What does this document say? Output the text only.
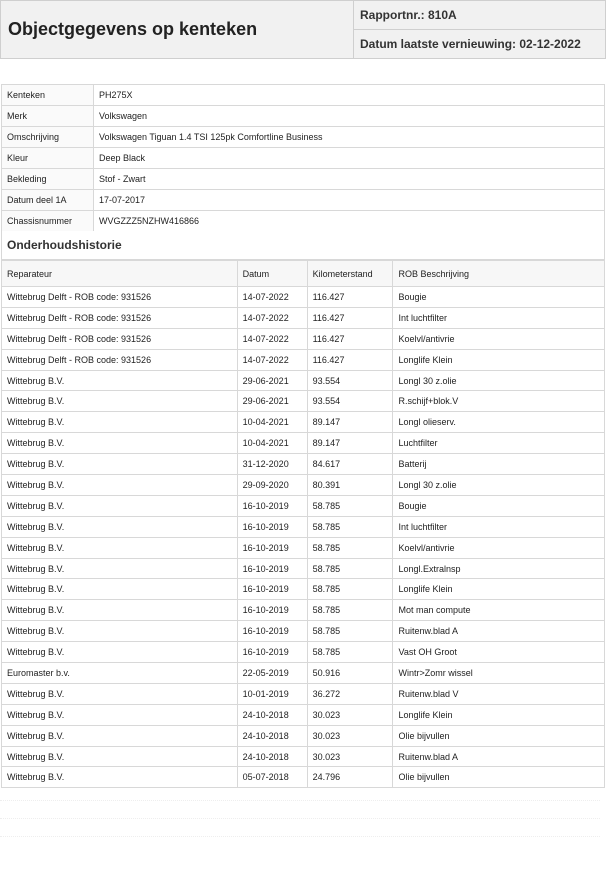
Objectgegevens op kenteken
Rapportnr.: 810A
Datum laatste vernieuwing: 02-12-2022
Kenteken	PH275X
Merk	Volkswagen
Omschrijving	Volkswagen Tiguan 1.4 TSI 125pk Comfortline Business
Kleur	Deep Black
Bekleding	Stof - Zwart
Datum deel 1A	17-07-2017
Chassisnummer	WVGZZZ5NZHW416866
Onderhoudshistorie
Reparateur	Datum	Kilometerstand	ROB Beschrijving
Wittebrug Delft - ROB code: 931526	14-07-2022	116.427	Bougie
Wittebrug Delft - ROB code: 931526	14-07-2022	116.427	Int luchtfilter
Wittebrug Delft - ROB code: 931526	14-07-2022	116.427	Koelvl/antivrie
Wittebrug Delft - ROB code: 931526	14-07-2022	116.427	Longlife Klein
Wittebrug B.V.	29-06-2021	93.554	Longl 30 z.olie
Wittebrug B.V.	29-06-2021	93.554	R.schijf+blok.V
Wittebrug B.V.	10-04-2021	89.147	Longl olieserv.
Wittebrug B.V.	10-04-2021	89.147	Luchtfilter
Wittebrug B.V.	31-12-2020	84.617	Batterij
Wittebrug B.V.	29-09-2020	80.391	Longl 30 z.olie
Wittebrug B.V.	16-10-2019	58.785	Bougie
Wittebrug B.V.	16-10-2019	58.785	Int luchtfilter
Wittebrug B.V.	16-10-2019	58.785	Koelvl/antivrie
Wittebrug B.V.	16-10-2019	58.785	Longl.Extralnsp
Wittebrug B.V.	16-10-2019	58.785	Longlife Klein
Wittebrug B.V.	16-10-2019	58.785	Mot man compute
Wittebrug B.V.	16-10-2019	58.785	Ruitenw.blad A
Wittebrug B.V.	16-10-2019	58.785	Vast OH Groot
Euromaster b.v.	22-05-2019	50.916	Wintr>Zomr wissel
Wittebrug B.V.	10-01-2019	36.272	Ruitenw.blad V
Wittebrug B.V.	24-10-2018	30.023	Longlife Klein
Wittebrug B.V.	24-10-2018	30.023	Olie bijvullen
Wittebrug B.V.	24-10-2018	30.023	Ruitenw.blad A
Wittebrug B.V.	05-07-2018	24.796	Olie bijvullen
